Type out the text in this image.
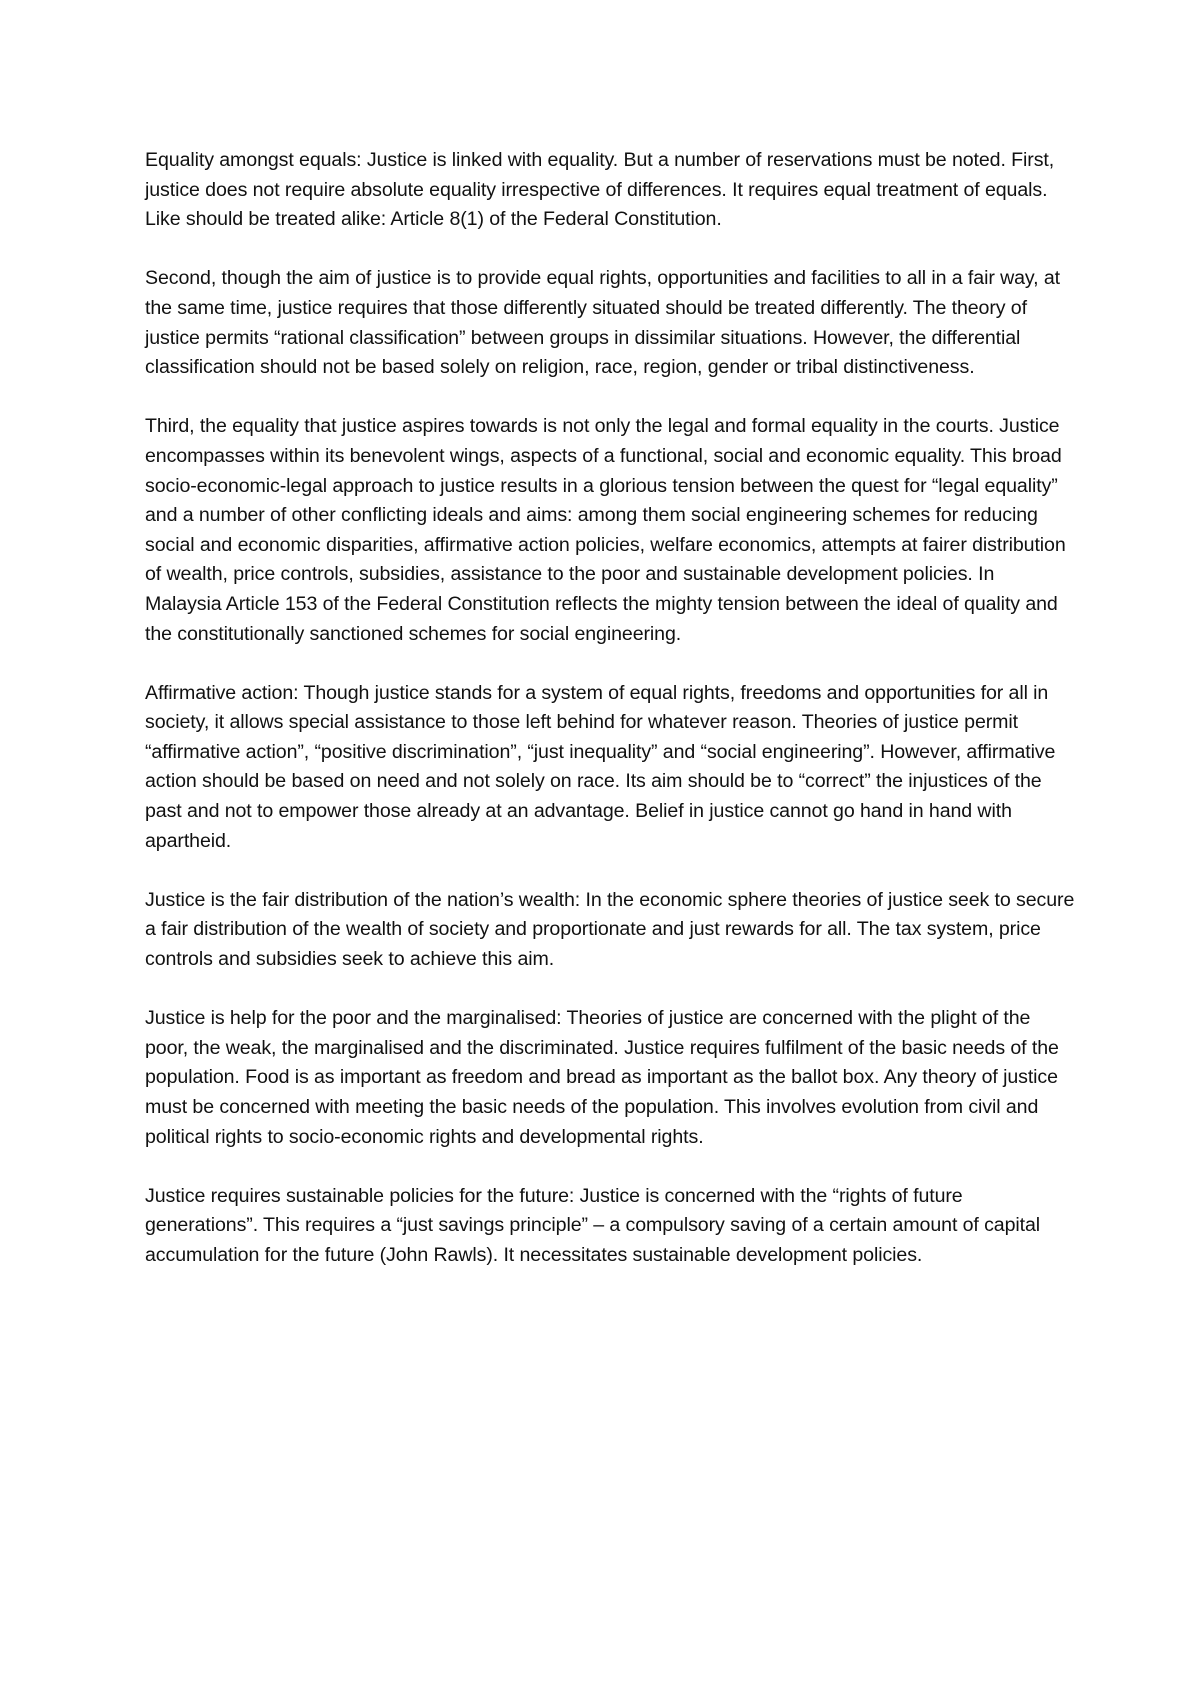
Equality amongst equals: Justice is linked with equality. But a number of reservations must be noted. First, justice does not require absolute equality irrespective of differences. It requires equal treatment of equals. Like should be treated alike: Article 8(1) of the Federal Constitution.

Second, though the aim of justice is to provide equal rights, opportunities and facilities to all in a fair way, at the same time, justice requires that those differently situated should be treated differently. The theory of justice permits “rational classification” between groups in dissimilar situations. However, the differential classification should not be based solely on religion, race, region, gender or tribal distinctiveness.

Third, the equality that justice aspires towards is not only the legal and formal equality in the courts. Justice encompasses within its benevolent wings, aspects of a functional, social and economic equality. This broad socio-economic-legal approach to justice results in a glorious tension between the quest for “legal equality” and a number of other conflicting ideals and aims: among them social engineering schemes for reducing social and economic disparities, affirmative action policies, welfare economics, attempts at fairer distribution of wealth, price controls, subsidies, assistance to the poor and sustainable development policies. In Malaysia Article 153 of the Federal Constitution reflects the mighty tension between the ideal of quality and the constitutionally sanctioned schemes for social engineering.

Affirmative action: Though justice stands for a system of equal rights, freedoms and opportunities for all in society, it allows special assistance to those left behind for whatever reason. Theories of justice permit “affirmative action”, “positive discrimination”, “just inequality” and “social engineering”. However, affirmative action should be based on need and not solely on race. Its aim should be to “correct” the injustices of the past and not to empower those already at an advantage. Belief in justice cannot go hand in hand with apartheid.

Justice is the fair distribution of the nation’s wealth: In the economic sphere theories of justice seek to secure a fair distribution of the wealth of society and proportionate and just rewards for all. The tax system, price controls and subsidies seek to achieve this aim.

Justice is help for the poor and the marginalised: Theories of justice are concerned with the plight of the poor, the weak, the marginalised and the discriminated. Justice requires fulfilment of the basic needs of the population. Food is as important as freedom and bread as important as the ballot box. Any theory of justice must be concerned with meeting the basic needs of the population. This involves evolution from civil and political rights to socio-economic rights and developmental rights.

Justice requires sustainable policies for the future: Justice is concerned with the “rights of future generations”. This requires a “just savings principle” – a compulsory saving of a certain amount of capital accumulation for the future (John Rawls). It necessitates sustainable development policies.
